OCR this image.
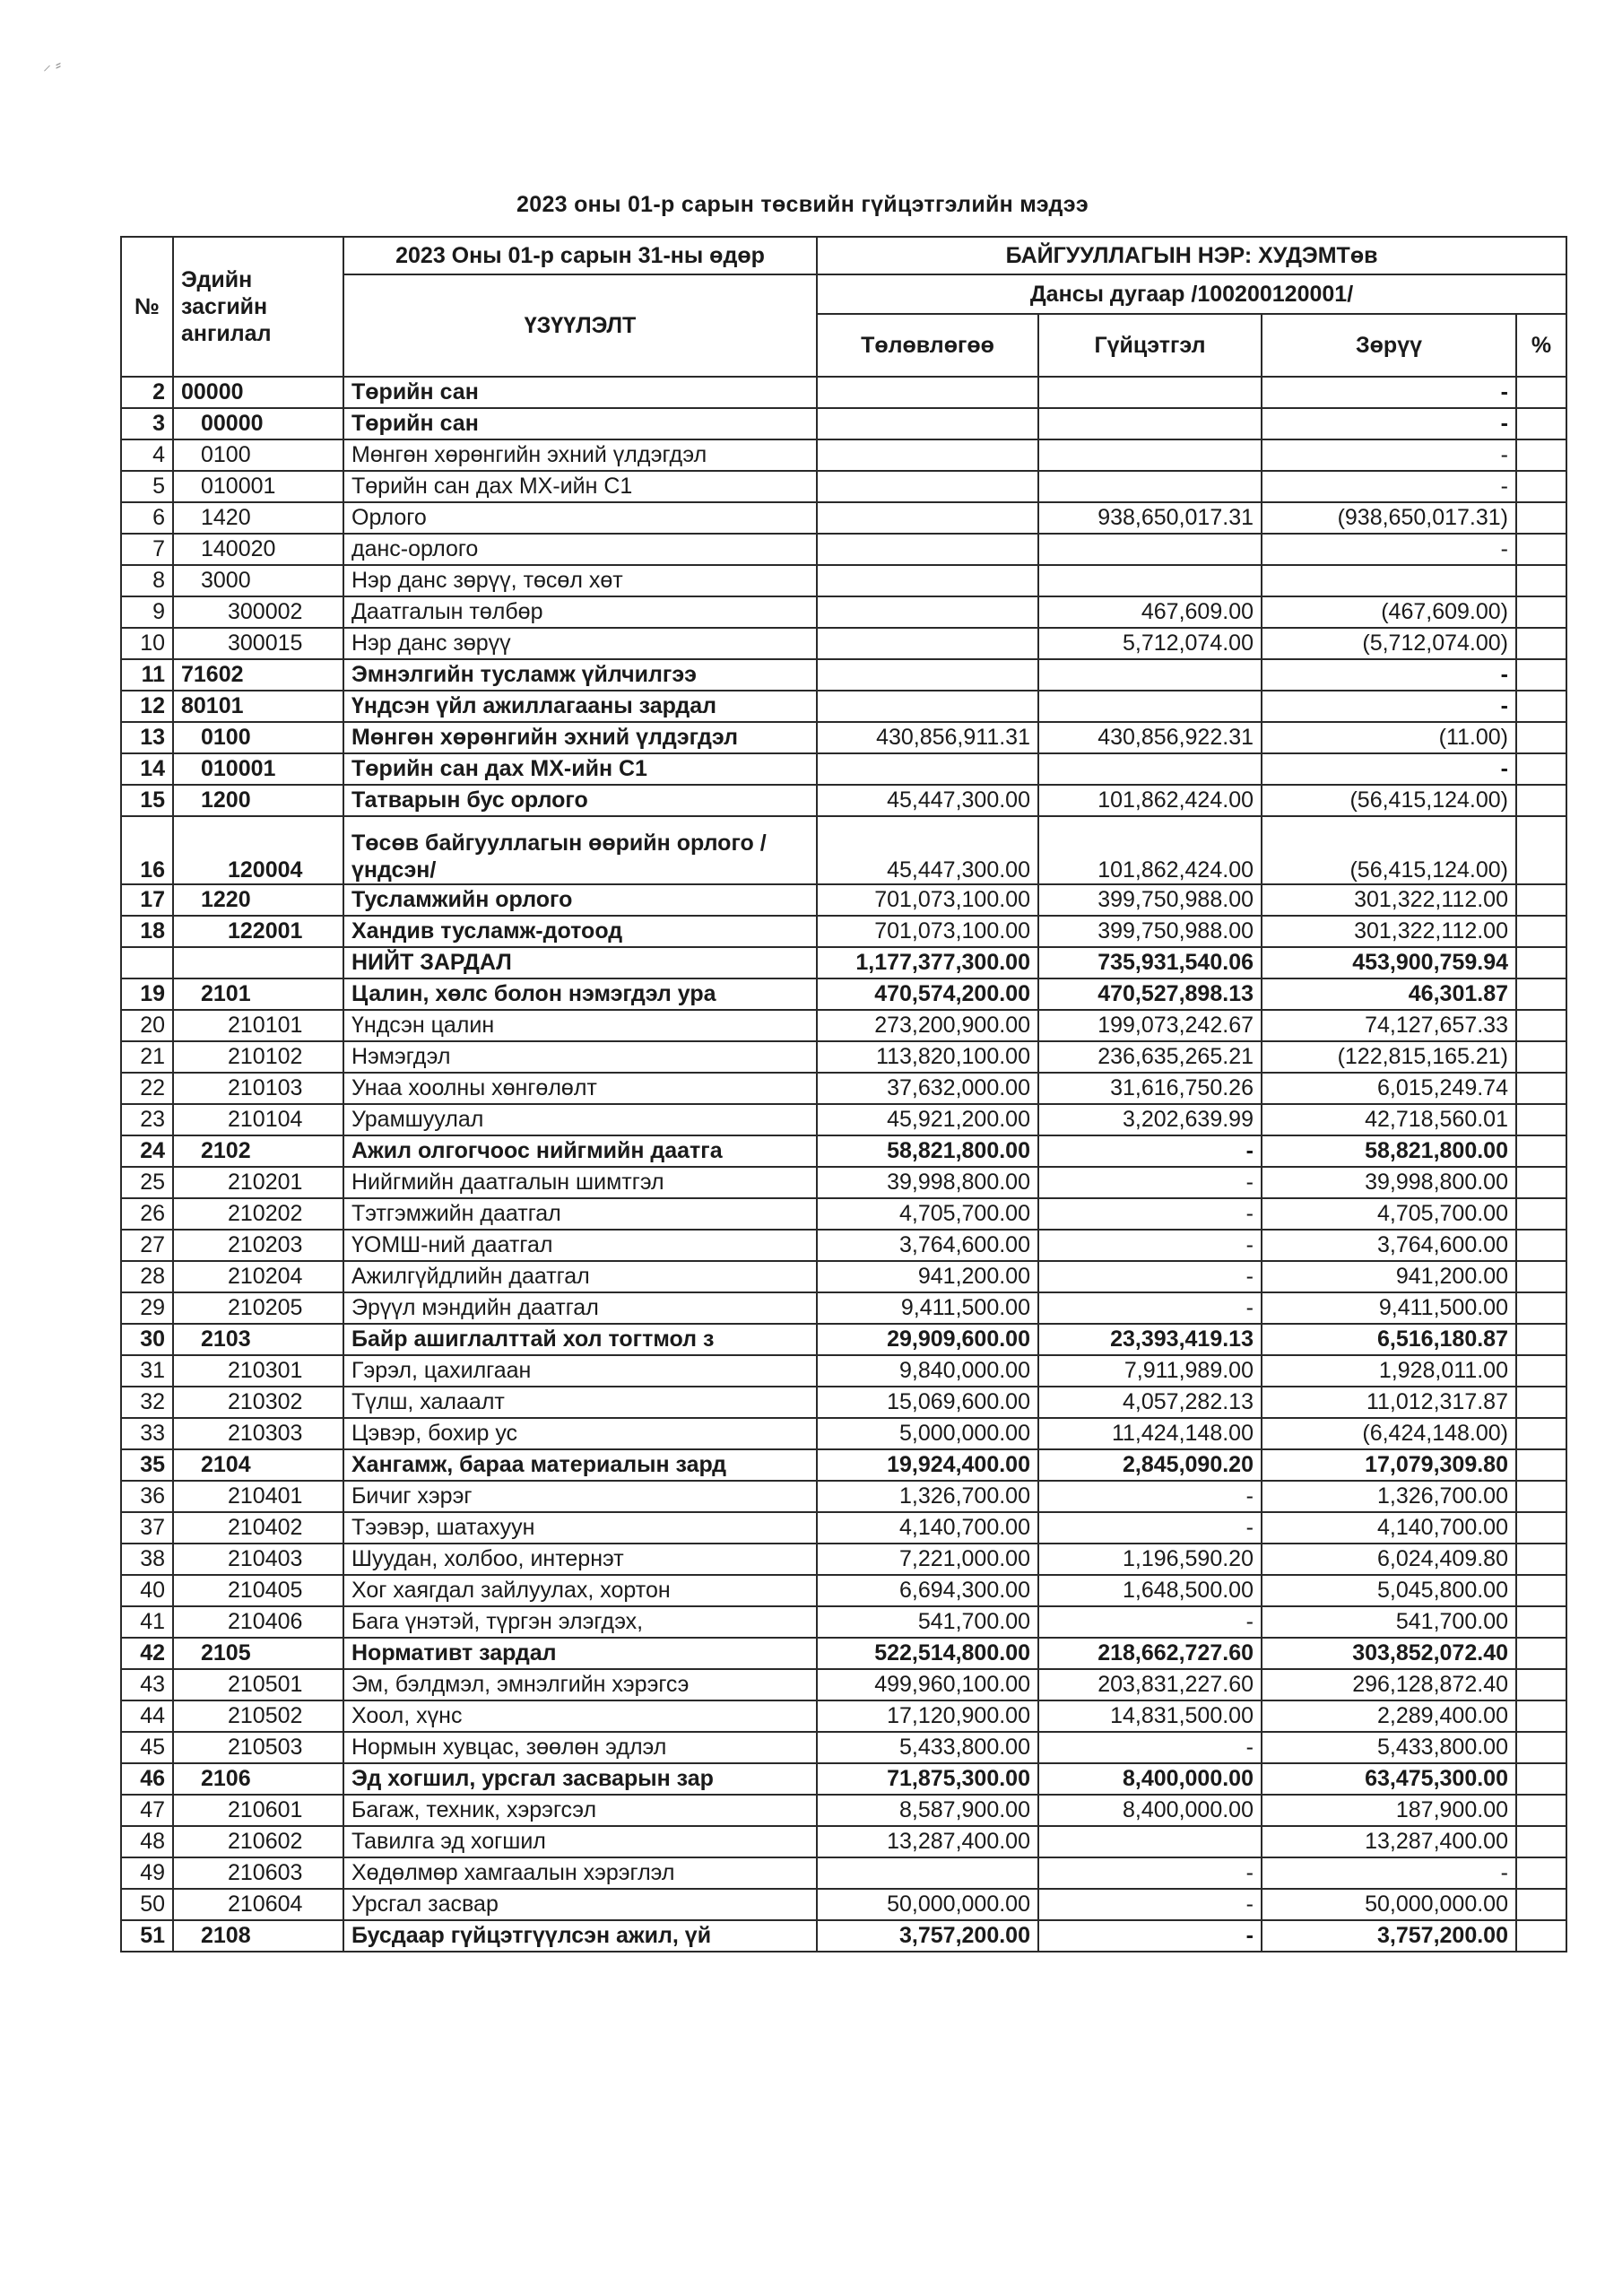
⸝ ⸗
2023 оны 01-р сарын төсвийн гүйцэтгэлийн мэдээ
№	Эдийн засгийн ангилал	2023 Оны 01-р сарын 31-ны өдөр	БАЙГУУЛЛАГЫН НЭР: ХУДЭМТөв			
		ҮЗҮҮЛЭЛТ	Дансы дугаар /100200120001/			
			Төлөвлөгөө	Гүйцэтгэл	Зөрүү	%
2	00000	Төрийн сан			-	
3	00000	Төрийн сан			-	
4	0100	Мөнгөн хөрөнгийн эхний үлдэгдэл			-	
5	010001	Төрийн сан дах МХ-ийн С1			-	
6	1420	Орлого		938,650,017.31	(938,650,017.31)	
7	140020	данс-орлого			-	
8	3000	Нэр данс зөрүү, төсөл хөт				
9	300002	Даатгалын төлбөр		467,609.00	(467,609.00)	
10	300015	Нэр данс зөрүү		5,712,074.00	(5,712,074.00)	
11	71602	Эмнэлгийн тусламж үйлчилгээ			-	
12	80101	Үндсэн үйл ажиллагааны зардал			-	
13	0100	Мөнгөн хөрөнгийн эхний үлдэгдэл	430,856,911.31	430,856,922.31	(11.00)	
14	010001	Төрийн сан дах МХ-ийн С1			-	
15	1200	Татварын бус орлого	45,447,300.00	101,862,424.00	(56,415,124.00)	
16	120004	Төсөв байгууллагын өөрийн орлого /үндсэн/	45,447,300.00	101,862,424.00	(56,415,124.00)	
17	1220	Тусламжийн орлого	701,073,100.00	399,750,988.00	301,322,112.00	
18	122001	Хандив тусламж-дотоод	701,073,100.00	399,750,988.00	301,322,112.00	
		НИЙТ ЗАРДАЛ	1,177,377,300.00	735,931,540.06	453,900,759.94	
19	2101	Цалин, хөлс болон нэмэгдэл ура	470,574,200.00	470,527,898.13	46,301.87	
20	210101	Үндсэн цалин	273,200,900.00	199,073,242.67	74,127,657.33	
21	210102	Нэмэгдэл	113,820,100.00	236,635,265.21	(122,815,165.21)	
22	210103	Унаа хоолны хөнгөлөлт	37,632,000.00	31,616,750.26	6,015,249.74	
23	210104	Урамшуулал	45,921,200.00	3,202,639.99	42,718,560.01	
24	2102	Ажил олгогчоос нийгмийн даатга	58,821,800.00	-	58,821,800.00	
25	210201	Нийгмийн даатгалын шимтгэл	39,998,800.00	-	39,998,800.00	
26	210202	Тэтгэмжийн даатгал	4,705,700.00	-	4,705,700.00	
27	210203	ҮОМШ-ний даатгал	3,764,600.00	-	3,764,600.00	
28	210204	Ажилгүйдлийн даатгал	941,200.00	-	941,200.00	
29	210205	Эрүүл мэндийн даатгал	9,411,500.00	-	9,411,500.00	
30	2103	Байр ашиглалттай хол тогтмол з	29,909,600.00	23,393,419.13	6,516,180.87	
31	210301	Гэрэл, цахилгаан	9,840,000.00	7,911,989.00	1,928,011.00	
32	210302	Түлш, халаалт	15,069,600.00	4,057,282.13	11,012,317.87	
33	210303	Цэвэр, бохир ус	5,000,000.00	11,424,148.00	(6,424,148.00)	
35	2104	Хангамж, бараа материалын зард	19,924,400.00	2,845,090.20	17,079,309.80	
36	210401	Бичиг хэрэг	1,326,700.00	-	1,326,700.00	
37	210402	Тээвэр, шатахуун	4,140,700.00	-	4,140,700.00	
38	210403	Шуудан, холбоо, интернэт	7,221,000.00	1,196,590.20	6,024,409.80	
40	210405	Хог хаягдал зайлуулах, хортон	6,694,300.00	1,648,500.00	5,045,800.00	
41	210406	Бага үнэтэй, түргэн элэгдэх,	541,700.00	-	541,700.00	
42	2105	Нормативт зардал	522,514,800.00	218,662,727.60	303,852,072.40	
43	210501	Эм, бэлдмэл, эмнэлгийн хэрэгсэ	499,960,100.00	203,831,227.60	296,128,872.40	
44	210502	Хоол, хүнс	17,120,900.00	14,831,500.00	2,289,400.00	
45	210503	Нормын хувцас, зөөлөн эдлэл	5,433,800.00	-	5,433,800.00	
46	2106	Эд хогшил, урсгал засварын зар	71,875,300.00	8,400,000.00	63,475,300.00	
47	210601	Багаж, техник, хэрэгсэл	8,587,900.00	8,400,000.00	187,900.00	
48	210602	Тавилга эд хогшил	13,287,400.00		13,287,400.00	
49	210603	Хөдөлмөр хамгаалын хэрэглэл		-	-	
50	210604	Урсгал засвар	50,000,000.00	-	50,000,000.00	
51	2108	Бусдаар гүйцэтгүүлсэн ажил, үй	3,757,200.00	-	3,757,200.00	
